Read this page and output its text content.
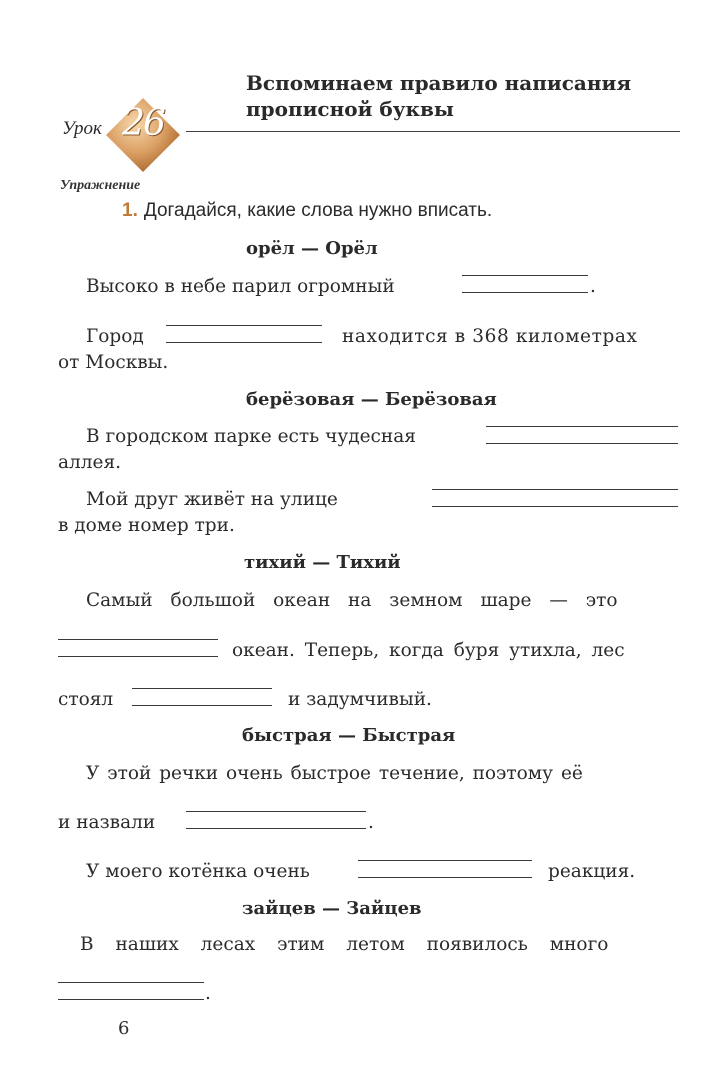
Урок 26
Вспоминаем правило написания
прописной буквы
Упражнение
1. Догадайся, какие слова нужно вписать.
орёл — Орёл
Высоко в небе парил огромный	.
Город	находится в 368 километрах
от Москвы.
берёзовая — Берёзовая
В городском парке есть чудесная
аллея.
Мой друг живёт на улице
в доме номер три.
тихий — Тихий
Самый большой океан на земном шаре — это
океан. Теперь, когда буря утихла, лес
стоял	и задумчивый.
быстрая — Быстрая
У этой речки очень быстрое течение, поэтому её
и назвали	.
У моего котёнка очень	реакция.
зайцев — Зайцев
В наших лесах этим летом появилось много
.
6
